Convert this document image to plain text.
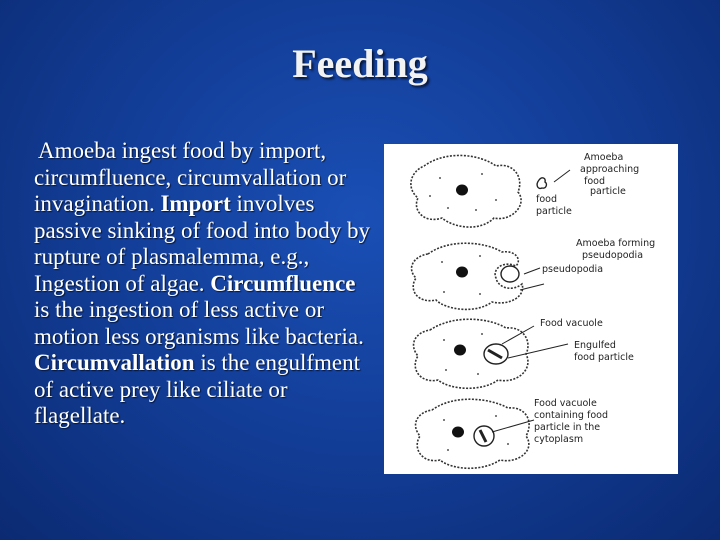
Feeding
Amoeba ingest food by import, circumfluence, circumvallation or invagination. Import involves passive sinking of food into body by rupture of plasmalemma, e.g., Ingestion of algae. Circumfluence is the ingestion of less active or motion less organisms like bacteria. Circumvallation is the engulfment of active prey like ciliate or flagellate.
Amoeba approaching food particle
food particle
Amoeba forming pseudopodia
pseudopodia
Food vacuole
Engulfed food particle
Food vacuole containing food particle in the cytoplasm
